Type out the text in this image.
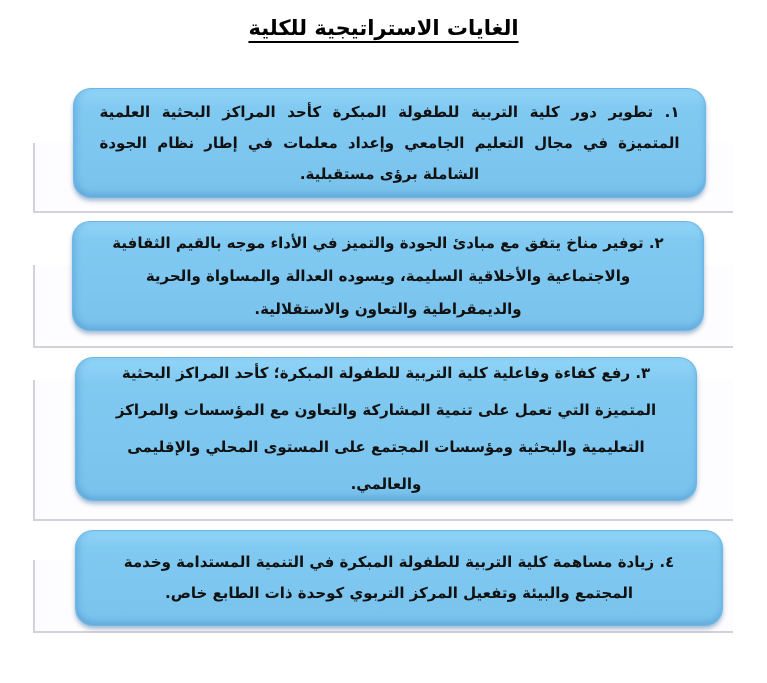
الغايات الاستراتيجية للكلية

١. تطوير دور كلية التربية للطفولة المبكرة كأحد المراكز البحثية العلمية المتميزة في مجال التعليم الجامعي وإعداد معلمات في إطار نظام الجودة الشاملة برؤى مستقبلية.

٢. توفير مناخ يتفق مع مبادئ الجودة والتميز في الأداء موجه بالقيم الثقافية والاجتماعية والأخلاقية السليمة، ويسوده العدالة والمساواة والحرية والديمقراطية والتعاون والاستقلالية.

٣. رفع كفاءة وفاعلية كلية التربية للطفولة المبكرة؛ كأحد المراكز البحثية المتميزة التي تعمل على تنمية المشاركة والتعاون مع المؤسسات والمراكز التعليمية والبحثية ومؤسسات المجتمع على المستوى المحلي والإقليمى والعالمي.

٤. زيادة مساهمة كلية التربية للطفولة المبكرة في التنمية المستدامة وخدمة المجتمع والبيئة وتفعيل المركز التربوي كوحدة ذات الطابع خاص.
